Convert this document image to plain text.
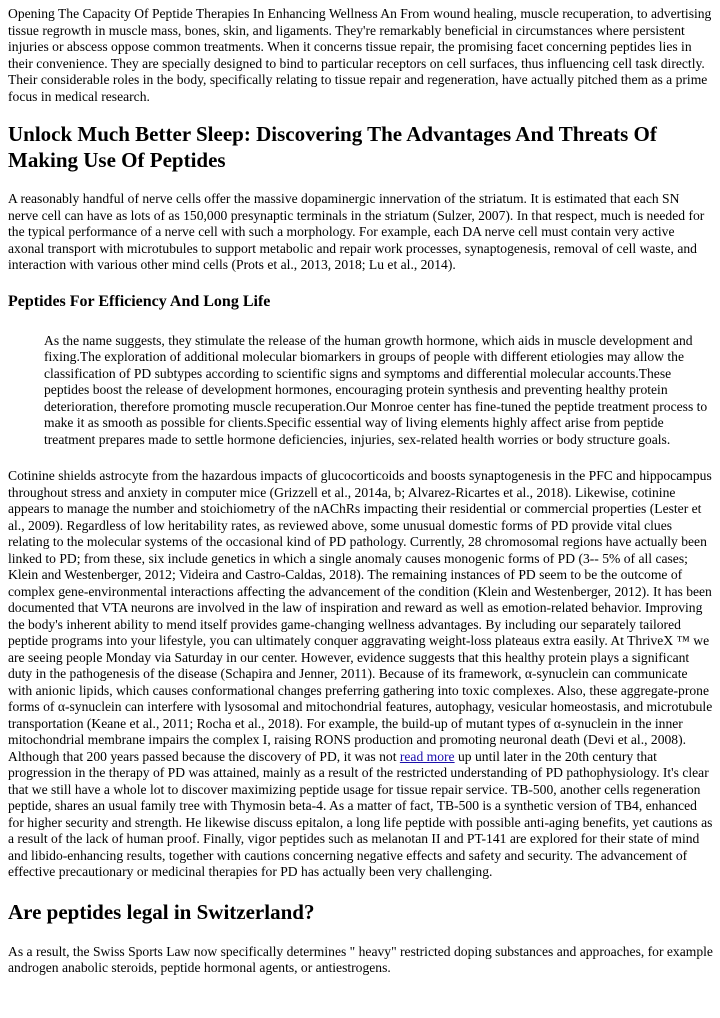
Opening The Capacity Of Peptide Therapies In Enhancing Wellness An From wound healing, muscle recuperation, to advertising tissue regrowth in muscle mass, bones, skin, and ligaments. They're remarkably beneficial in circumstances where persistent injuries or abscess oppose common treatments. When it concerns tissue repair, the promising facet concerning peptides lies in their convenience. They are specially designed to bind to particular receptors on cell surfaces, thus influencing cell task directly. Their considerable roles in the body, specifically relating to tissue repair and regeneration, have actually pitched them as a prime focus in medical research.

Unlock Much Better Sleep: Discovering The Advantages And Threats Of Making Use Of Peptides

A reasonably handful of nerve cells offer the massive dopaminergic innervation of the striatum. It is estimated that each SN nerve cell can have as lots of as 150,000 presynaptic terminals in the striatum (Sulzer, 2007). In that respect, much is needed for the typical performance of a nerve cell with such a morphology. For example, each DA nerve cell must contain very active axonal transport with microtubules to support metabolic and repair work processes, synaptogenesis, removal of cell waste, and interaction with various other mind cells (Prots et al., 2013, 2018; Lu et al., 2014).

Peptides For Efficiency And Long Life

As the name suggests, they stimulate the release of the human growth hormone, which aids in muscle development and fixing.The exploration of additional molecular biomarkers in groups of people with different etiologies may allow the classification of PD subtypes according to scientific signs and symptoms and differential molecular accounts.These peptides boost the release of development hormones, encouraging protein synthesis and preventing healthy protein deterioration, therefore promoting muscle recuperation.Our Monroe center has fine-tuned the peptide treatment process to make it as smooth as possible for clients.Specific essential way of living elements highly affect arise from peptide treatment prepares made to settle hormone deficiencies, injuries, sex-related health worries or body structure goals.

Cotinine shields astrocyte from the hazardous impacts of glucocorticoids and boosts synaptogenesis in the PFC and hippocampus throughout stress and anxiety in computer mice (Grizzell et al., 2014a, b; Alvarez-Ricartes et al., 2018). Likewise, cotinine appears to manage the number and stoichiometry of the nAChRs impacting their residential or commercial properties (Lester et al., 2009). Regardless of low heritability rates, as reviewed above, some unusual domestic forms of PD provide vital clues relating to the molecular systems of the occasional kind of PD pathology. Currently, 28 chromosomal regions have actually been linked to PD; from these, six include genetics in which a single anomaly causes monogenic forms of PD (3-- 5% of all cases; Klein and Westenberger, 2012; Videira and Castro-Caldas, 2018). The remaining instances of PD seem to be the outcome of complex gene-environmental interactions affecting the advancement of the condition (Klein and Westenberger, 2012). It has been documented that VTA neurons are involved in the law of inspiration and reward as well as emotion-related behavior. Improving the body's inherent ability to mend itself provides game-changing wellness advantages. By including our separately tailored peptide programs into your lifestyle, you can ultimately conquer aggravating weight-loss plateaus extra easily. At ThriveX ™ we are seeing people Monday via Saturday in our center. However, evidence suggests that this healthy protein plays a significant duty in the pathogenesis of the disease (Schapira and Jenner, 2011). Because of its framework, α-synuclein can communicate with anionic lipids, which causes conformational changes preferring gathering into toxic complexes. Also, these aggregate-prone forms of α-synuclein can interfere with lysosomal and mitochondrial features, autophagy, vesicular homeostasis, and microtubule transportation (Keane et al., 2011; Rocha et al., 2018). For example, the build-up of mutant types of α-synuclein in the inner mitochondrial membrane impairs the complex I, raising RONS production and promoting neuronal death (Devi et al., 2008). Although that 200 years passed because the discovery of PD, it was not read more up until later in the 20th century that progression in the therapy of PD was attained, mainly as a result of the restricted understanding of PD pathophysiology. It's clear that we still have a whole lot to discover maximizing peptide usage for tissue repair service. TB-500, another cells regeneration peptide, shares an usual family tree with Thymosin beta-4. As a matter of fact, TB-500 is a synthetic version of TB4, enhanced for higher security and strength. He likewise discuss epitalon, a long life peptide with possible anti-aging benefits, yet cautions as a result of the lack of human proof. Finally, vigor peptides such as melanotan II and PT-141 are explored for their state of mind and libido-enhancing results, together with cautions concerning negative effects and safety and security. The advancement of effective precautionary or medicinal therapies for PD has actually been very challenging.

Are peptides legal in Switzerland?

As a result, the Swiss Sports Law now specifically determines " heavy" restricted doping substances and approaches, for example androgen anabolic steroids, peptide hormonal agents, or antiestrogens.
